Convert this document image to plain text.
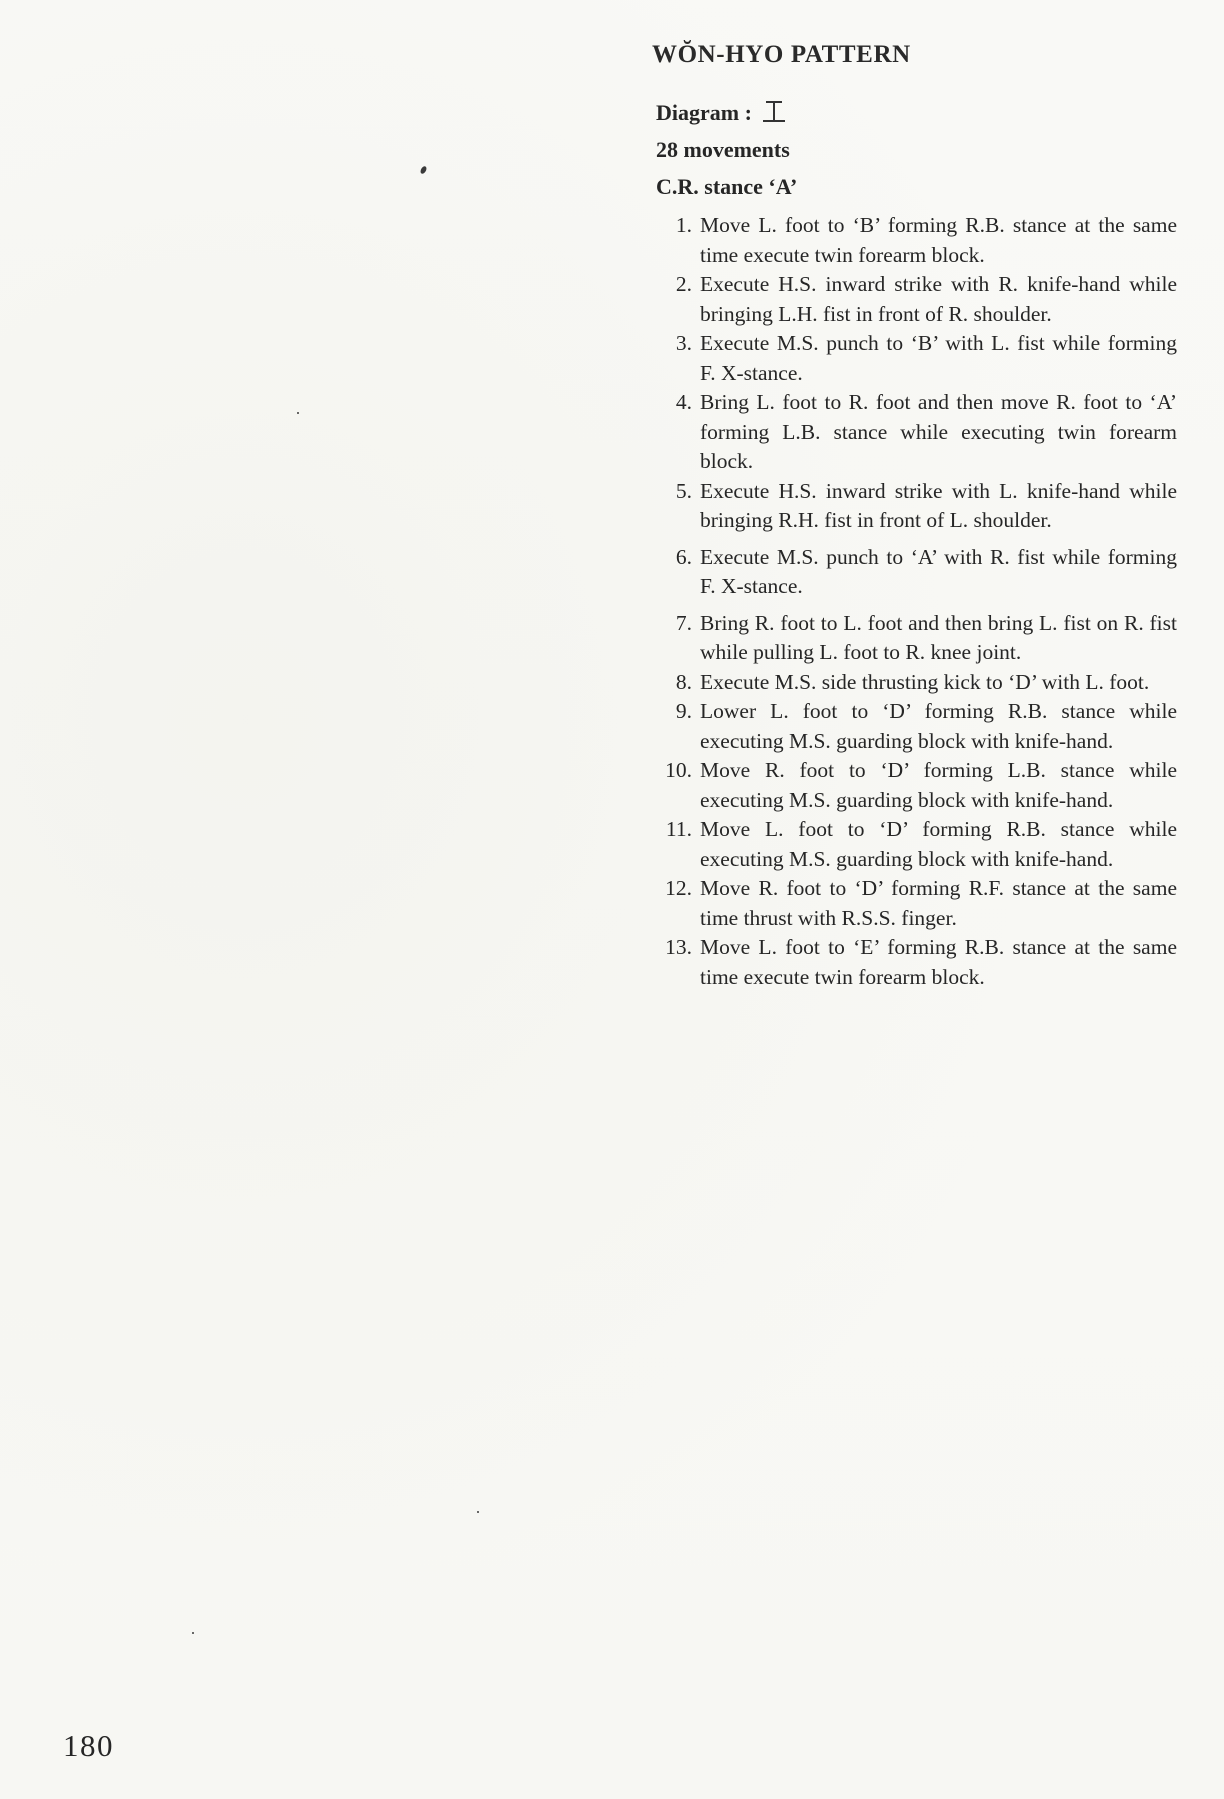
WŎN-HYO PATTERN
Diagram :
28 movements
C.R. stance ‘A’
1. Move L. foot to ‘B’ forming R.B. stance at the same time execute twin forearm block.
2. Execute H.S. inward strike with R. knife-hand while bringing L.H. fist in front of R. shoulder.
3. Execute M.S. punch to ‘B’ with L. fist while forming F. X-stance.
4. Bring L. foot to R. foot and then move R. foot to ‘A’ forming L.B. stance while executing twin forearm block.
5. Execute H.S. inward strike with L. knife-hand while bringing R.H. fist in front of L. shoulder.
6. Execute M.S. punch to ‘A’ with R. fist while forming F. X-stance.
7. Bring R. foot to L. foot and then bring L. fist on R. fist while pulling L. foot to R. knee joint.
8. Execute M.S. side thrusting kick to ‘D’ with L. foot.
9. Lower L. foot to ‘D’ forming R.B. stance while executing M.S. guarding block with knife-hand.
10. Move R. foot to ‘D’ forming L.B. stance while executing M.S. guarding block with knife-hand.
11. Move L. foot to ‘D’ forming R.B. stance while executing M.S. guarding block with knife-hand.
12. Move R. foot to ‘D’ forming R.F. stance at the same time thrust with R.S.S. finger.
13. Move L. foot to ‘E’ forming R.B. stance at the same time execute twin forearm block.
180
